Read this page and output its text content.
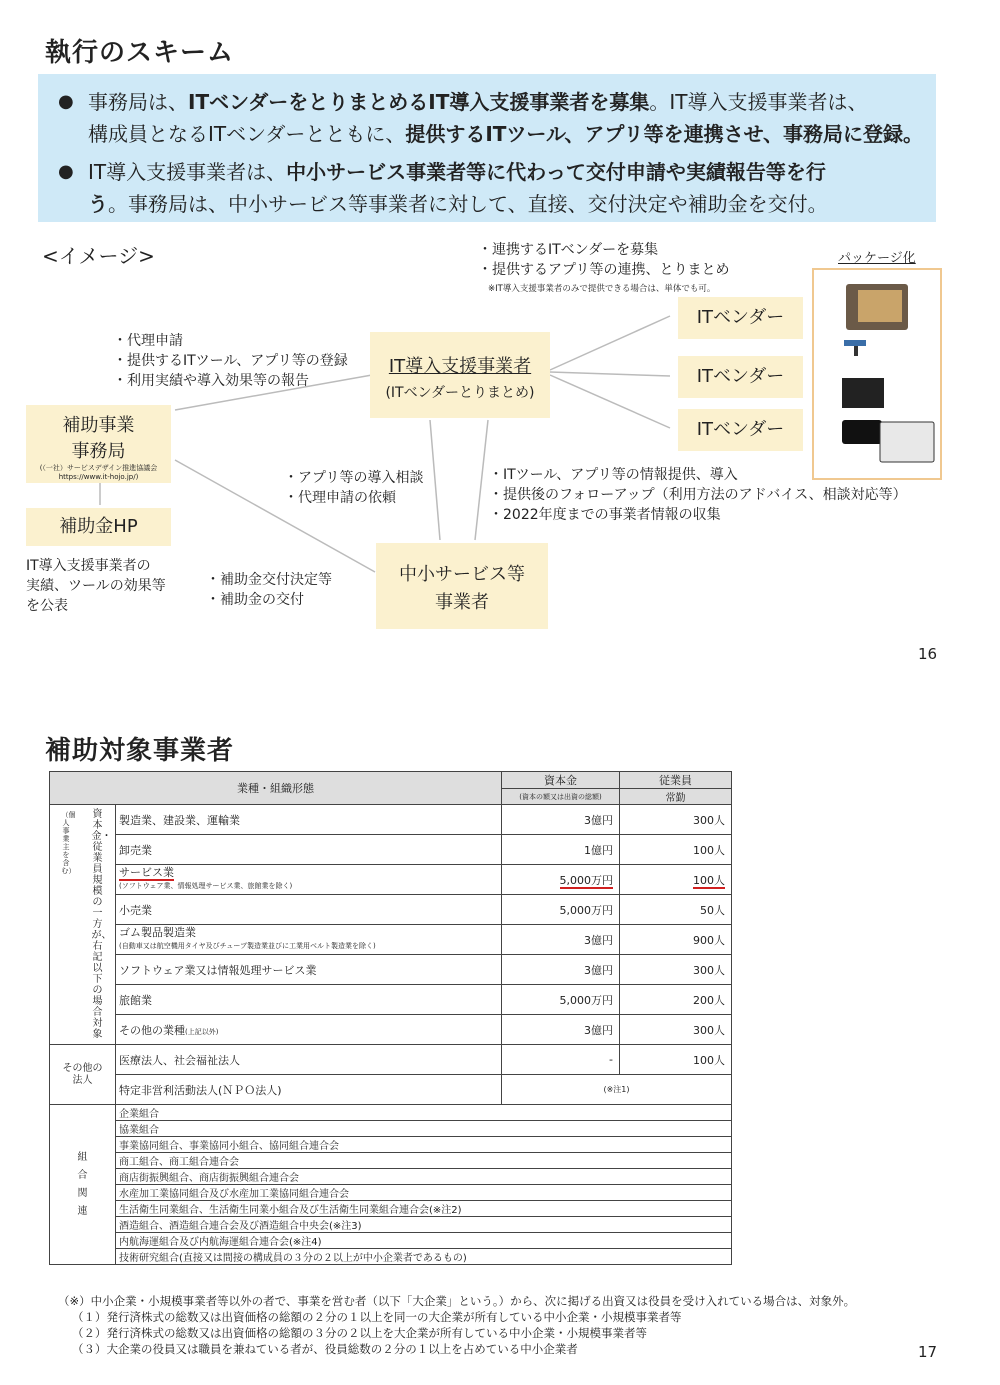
執行のスキーム
● 事務局は、ITベンダーをとりまとめるIT導入支援事業者を募集。IT導入支援事業者は、
構成員となるITベンダーとともに、提供するITツール、アプリ等を連携させ、事務局に登録。
● IT導入支援事業者は、中小サービス事業者等に代わって交付申請や実績報告等を行
う。事務局は、中小サービス等事業者に対して、直接、交付決定や補助金を交付。
<イメージ>	・連携するITベンダーを募集
・提供するアプリ等の連携、とりまとめ
※IT導入支援事業者のみで提供できる場合は、単体でも可。
パッケージ化
・代理申請
・提供するITツール、アプリ等の登録
・利用実績や導入効果等の報告
IT導入支援事業者
(ITベンダーとりまとめ)
ITベンダー
ITベンダー
ITベンダー
補助事業
事務局
(（一社）サービスデザイン推進協議会
https://www.it-hojo.jp/)
補助金HP
IT導入支援事業者の
実績、ツールの効果等
を公表
・アプリ等の導入相談
・代理申請の依頼
・ITツール、アプリ等の情報提供、導入
・提供後のフォローアップ（利用方法のアドバイス、相談対応等）
・2022年度までの事業者情報の収集
・補助金交付決定等
・補助金の交付
中小サービス等
事業者
16
補助対象事業者
業種・組織形態		資本金	従業員
		(資本の額又は出資の総額)	常勤

（個人事業主を含む）
資本金・従業員規模の一方が、右記以下の場合対象	製造業、建設業、運輸業	3億円	300人
	卸売業	1億円	100人
	サービス業
(ソフトウェア業、情報処理サービス業、旅館業を除く)	5,000万円	100人
	小売業	5,000万円	50人
	ゴム製品製造業
(自動車又は航空機用タイヤ及びチューブ製造業並びに工業用ベルト製造業を除く)	3億円	900人
	ソフトウェア業又は情報処理サービス業	3億円	300人
	旅館業	5,000万円	200人
	その他の業種(上記以外)	3億円	300人
その他の
法人	医療法人、社会福祉法人	-	100人
	特定非営利活動法人(ＮＰＯ法人)	(※注1)	

組合関連	企業組合		
	協業組合		
	事業協同組合、事業協同小組合、協同組合連合会		
	商工組合、商工組合連合会		
	商店街振興組合、商店街振興組合連合会		
	水産加工業協同組合及び水産加工業協同組合連合会		
	生活衛生同業組合、生活衛生同業小組合及び生活衛生同業組合連合会(※注2)		
	酒造組合、酒造組合連合会及び酒造組合中央会(※注3)		
	内航海運組合及び内航海運組合連合会(※注4)		
	技術研究組合(直接又は間接の構成員の３分の２以上が中小企業者であるもの)		
（※）中小企業・小規模事業者等以外の者で、事業を営む者（以下「大企業」という。）から、次に掲げる出資又は役員を受け入れている場合は、対象外。
（１）発行済株式の総数又は出資価格の総額の２分の１以上を同一の大企業が所有している中小企業・小規模事業者等
（２）発行済株式の総数又は出資価格の総額の３分の２以上を大企業が所有している中小企業・小規模事業者等
（３）大企業の役員又は職員を兼ねている者が、役員総数の２分の１以上を占めている中小企業者	17
